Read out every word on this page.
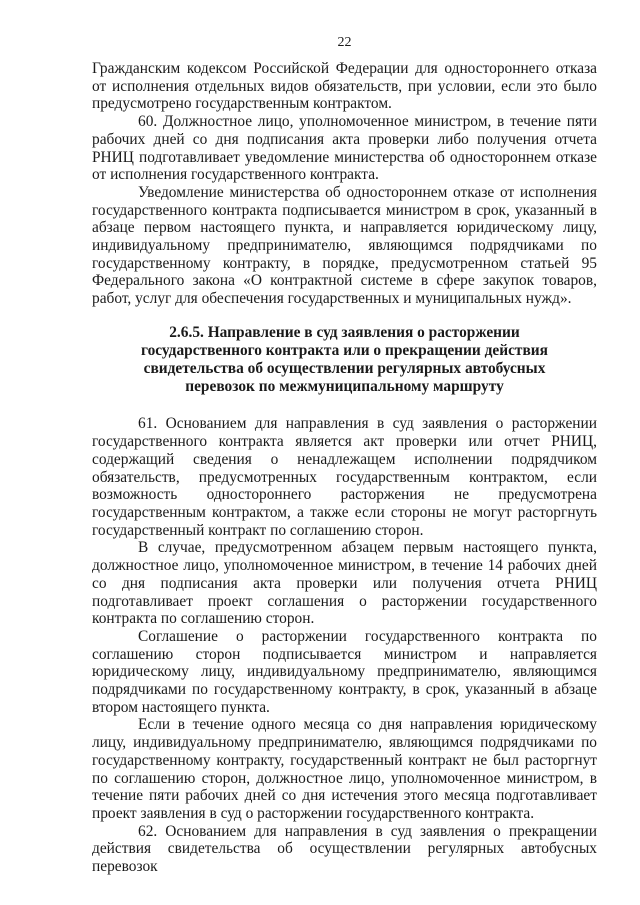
22

Гражданским кодексом Российской Федерации для одностороннего отказа от исполнения отдельных видов обязательств, при условии, если это было предусмотрено государственным контрактом.

60. Должностное лицо, уполномоченное министром, в течение пяти рабочих дней со дня подписания акта проверки либо получения отчета РНИЦ подготавливает уведомление министерства об одностороннем отказе от исполнения государственного контракта.

Уведомление министерства об одностороннем отказе от исполнения государственного контракта подписывается министром в срок, указанный в абзаце первом настоящего пункта, и направляется юридическому лицу, индивидуальному предпринимателю, являющимся подрядчиками по государственному контракту, в порядке, предусмотренном статьей 95 Федерального закона «О контрактной системе в сфере закупок товаров, работ, услуг для обеспечения государственных и муниципальных нужд».

2.6.5. Направление в суд заявления о расторжении
государственного контракта или о прекращении действия
свидетельства об осуществлении регулярных автобусных
перевозок по межмуниципальному маршруту

61. Основанием для направления в суд заявления о расторжении государственного контракта является акт проверки или отчет РНИЦ, содержащий сведения о ненадлежащем исполнении подрядчиком обязательств, предусмотренных государственным контрактом, если возможность одностороннего расторжения не предусмотрена государственным контрактом, а также если стороны не могут расторгнуть государственный контракт по соглашению сторон.

В случае, предусмотренном абзацем первым настоящего пункта, должностное лицо, уполномоченное министром, в течение 14 рабочих дней со дня подписания акта проверки или получения отчета РНИЦ подготавливает проект соглашения о расторжении государственного контракта по соглашению сторон.

Соглашение о расторжении государственного контракта по соглашению сторон подписывается министром и направляется юридическому лицу, индивидуальному предпринимателю, являющимся подрядчиками по государственному контракту, в срок, указанный в абзаце втором настоящего пункта.

Если в течение одного месяца со дня направления юридическому лицу, индивидуальному предпринимателю, являющимся подрядчиками по государственному контракту, государственный контракт не был расторгнут по соглашению сторон, должностное лицо, уполномоченное министром, в течение пяти рабочих дней со дня истечения этого месяца подготавливает проект заявления в суд о расторжении государственного контракта.

62. Основанием для направления в суд заявления о прекращении действия свидетельства об осуществлении регулярных автобусных перевозок
